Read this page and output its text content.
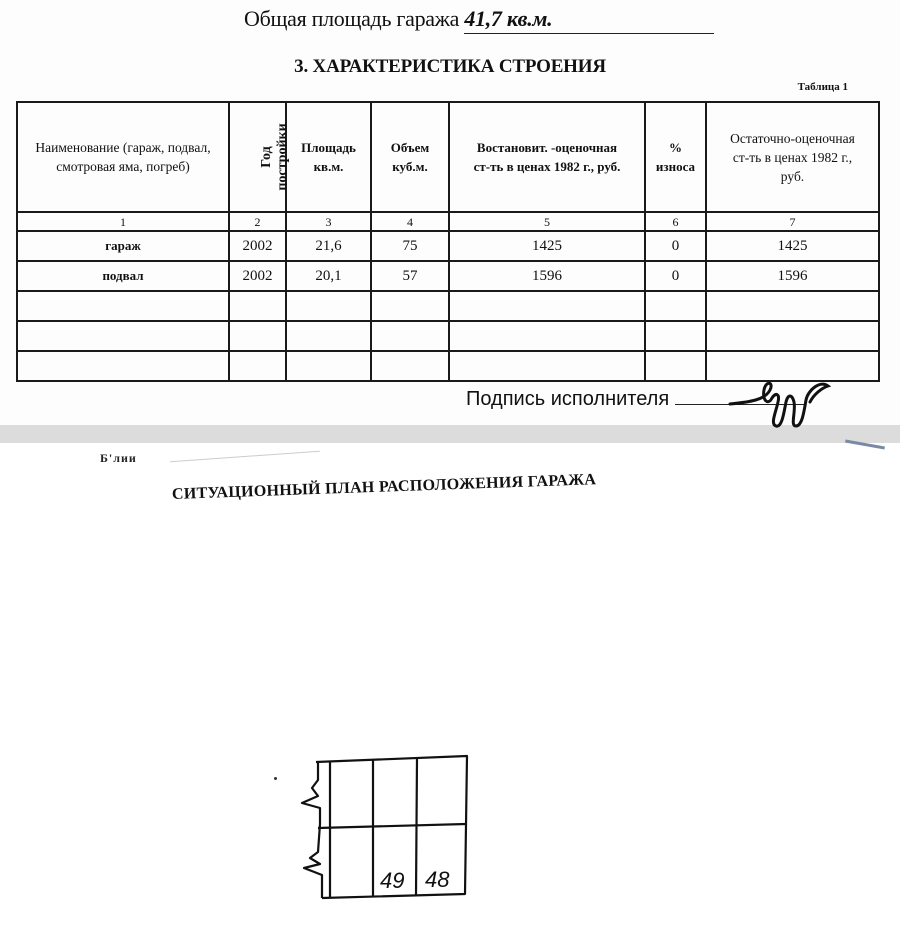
Общая площадь гаража 41,7 кв.м.
3. ХАРАКТЕРИСТИКА СТРОЕНИЯ
Таблица 1
Наименование (гараж, подвал, смотровая яма, погреб)	Год постройки	Площадь кв.м.	Объем куб.м.	Востановит. -оценочная ст-ть в ценах 1982 г., руб.	% износа	Остаточно-оценочная ст-ть в ценах 1982 г., руб.
1	2	3	4	5	6	7
гараж	2002	21,6	75	1425	0	1425
подвал	2002	20,1	57	1596	0	1596

Подпись исполнителя
Б'лии
СИТУАЦИОННЫЙ ПЛАН РАСПОЛОЖЕНИЯ ГАРАЖА
49 48
